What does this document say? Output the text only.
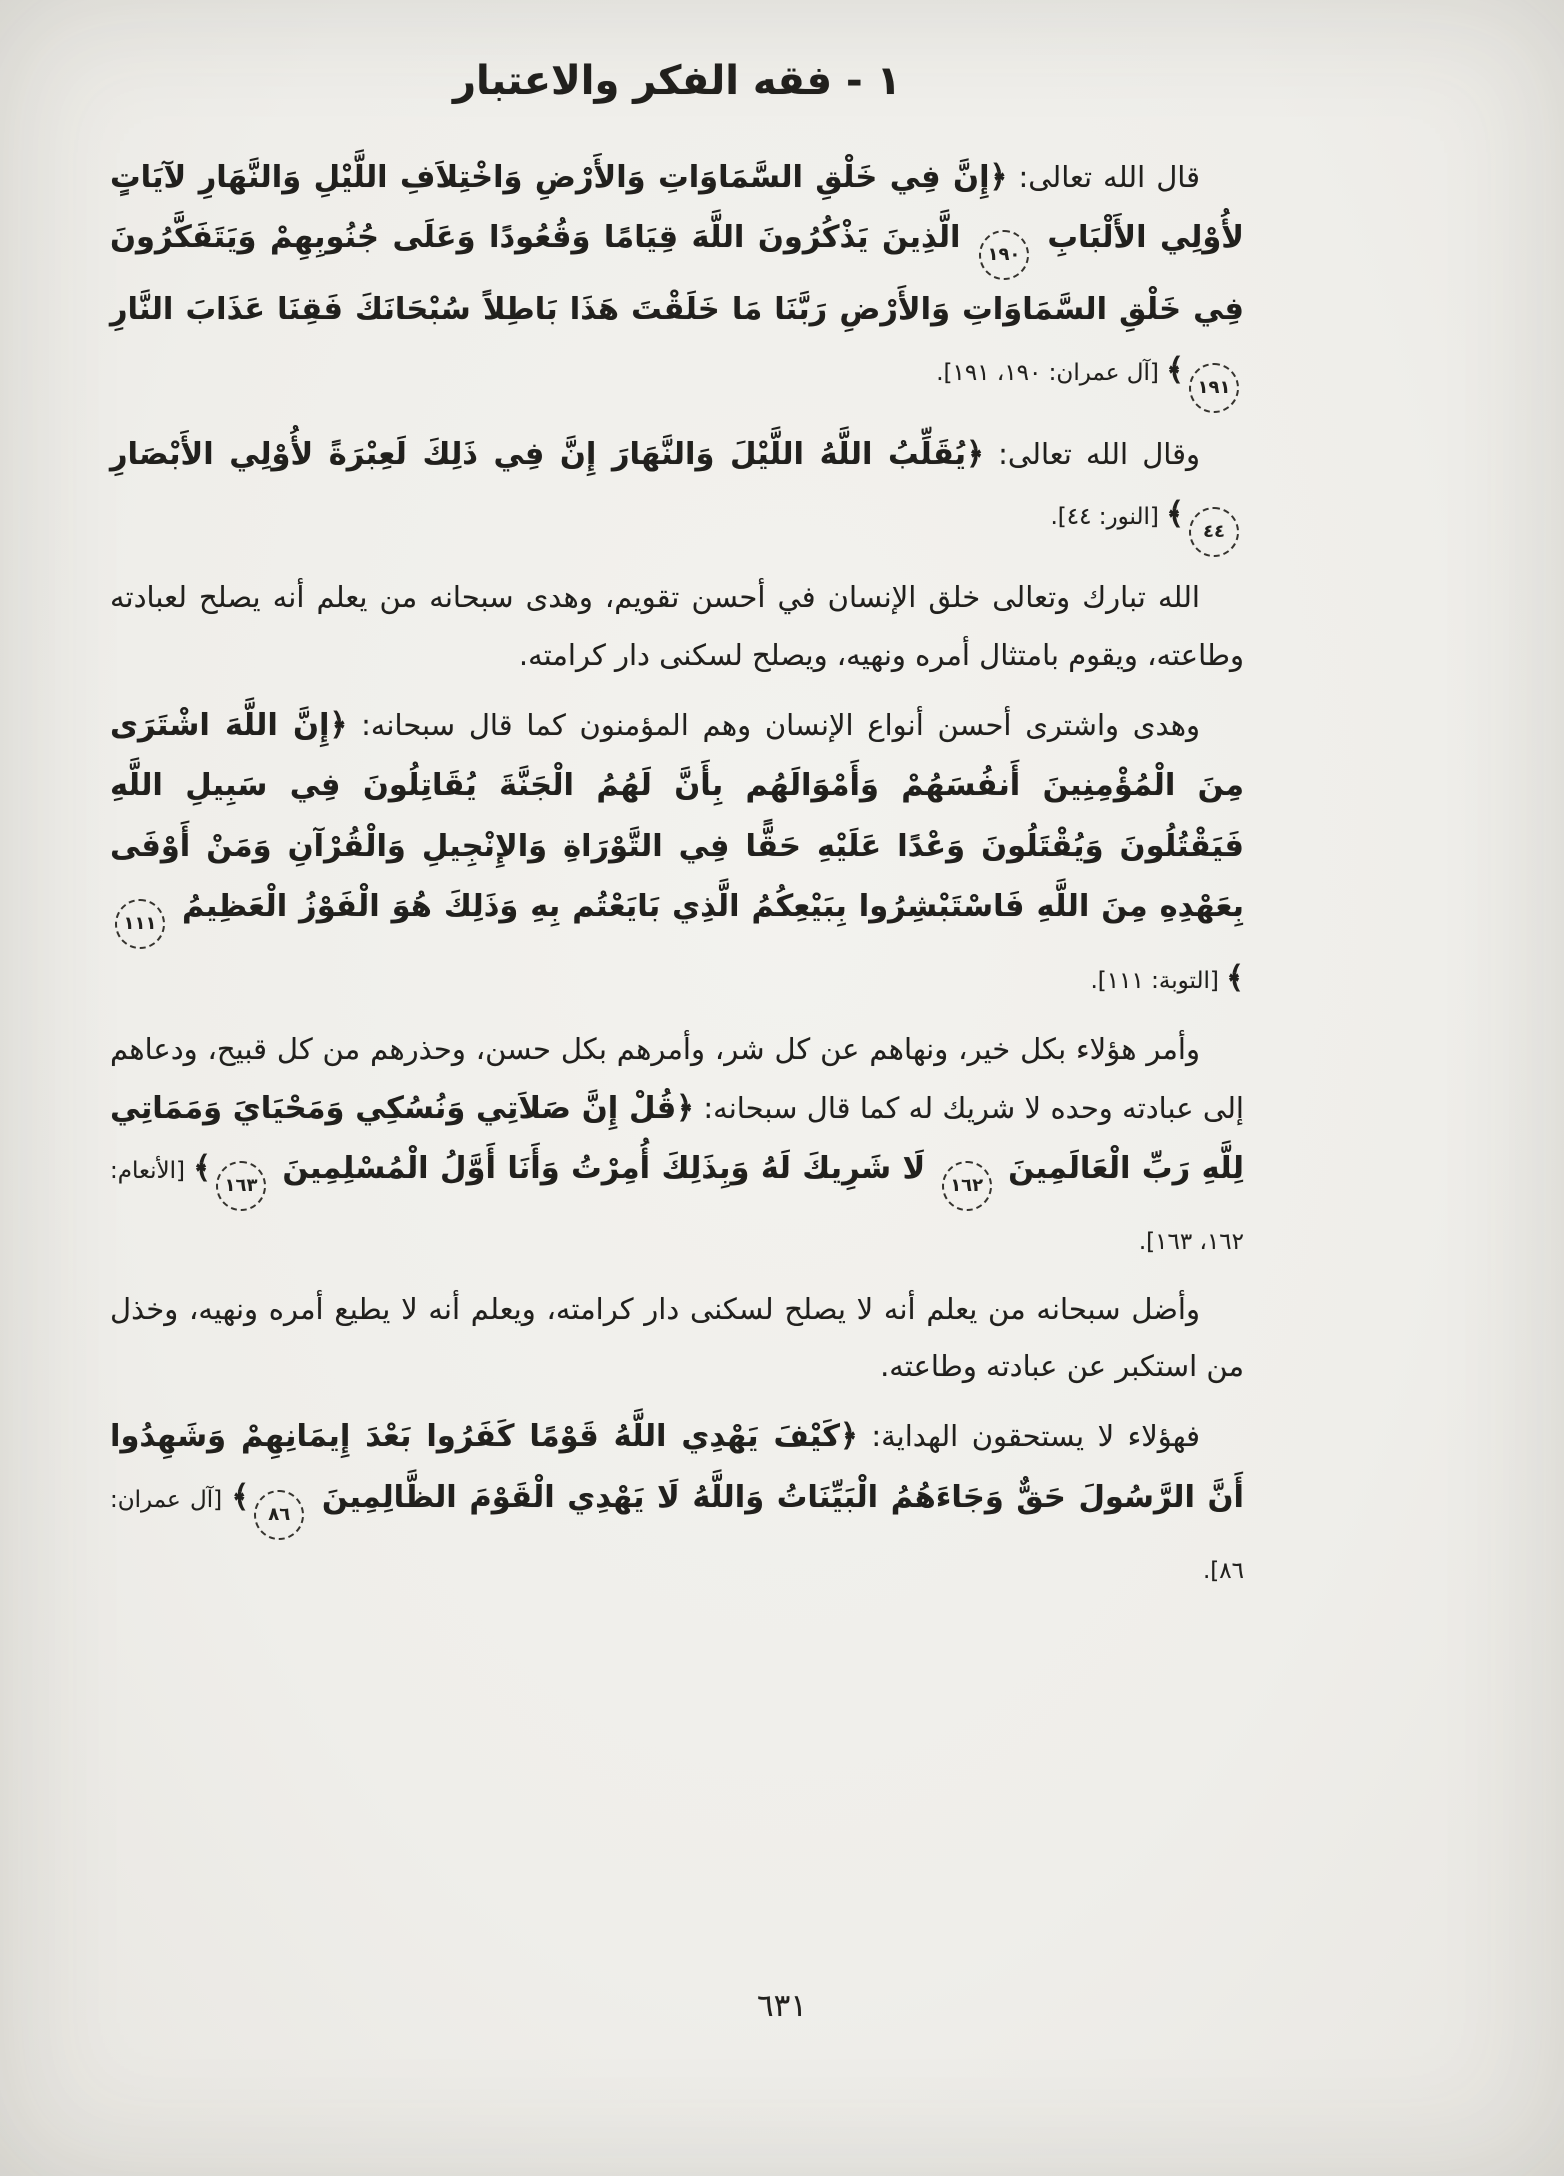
١ - فقه الفكر والاعتبار

قال الله تعالى: ﴿إِنَّ فِي خَلْقِ السَّمَاوَاتِ وَالأَرْضِ وَاخْتِلاَفِ اللَّيْلِ وَالنَّهَارِ لآيَاتٍ لأُوْلِي الأَلْبَابِ ١٩٠ الَّذِينَ يَذْكُرُونَ اللَّهَ قِيَامًا وَقُعُودًا وَعَلَى جُنُوبِهِمْ وَيَتَفَكَّرُونَ فِي خَلْقِ السَّمَاوَاتِ وَالأَرْضِ رَبَّنَا مَا خَلَقْتَ هَذَا بَاطِلاً سُبْحَانَكَ فَقِنَا عَذَابَ النَّارِ ١٩١﴾ [آل عمران: ١٩٠، ١٩١].

وقال الله تعالى: ﴿يُقَلِّبُ اللَّهُ اللَّيْلَ وَالنَّهَارَ إِنَّ فِي ذَلِكَ لَعِبْرَةً لأُوْلِي الأَبْصَارِ ٤٤﴾ [النور: ٤٤].

الله تبارك وتعالى خلق الإنسان في أحسن تقويم، وهدى سبحانه من يعلم أنه يصلح لعبادته وطاعته، ويقوم بامتثال أمره ونهيه، ويصلح لسكنى دار كرامته.

وهدى واشترى أحسن أنواع الإنسان وهم المؤمنون كما قال سبحانه: ﴿إِنَّ اللَّهَ اشْتَرَى مِنَ الْمُؤْمِنِينَ أَنفُسَهُمْ وَأَمْوَالَهُم بِأَنَّ لَهُمُ الْجَنَّةَ يُقَاتِلُونَ فِي سَبِيلِ اللَّهِ فَيَقْتُلُونَ وَيُقْتَلُونَ وَعْدًا عَلَيْهِ حَقًّا فِي التَّوْرَاةِ وَالإِنْجِيلِ وَالْقُرْآنِ وَمَنْ أَوْفَى بِعَهْدِهِ مِنَ اللَّهِ فَاسْتَبْشِرُوا بِبَيْعِكُمُ الَّذِي بَايَعْتُم بِهِ وَذَلِكَ هُوَ الْفَوْزُ الْعَظِيمُ ١١١﴾ [التوبة: ١١١].

وأمر هؤلاء بكل خير، ونهاهم عن كل شر، وأمرهم بكل حسن، وحذرهم من كل قبيح، ودعاهم إلى عبادته وحده لا شريك له كما قال سبحانه: ﴿قُلْ إِنَّ صَلاَتِي وَنُسُكِي وَمَحْيَايَ وَمَمَاتِي لِلَّهِ رَبِّ الْعَالَمِينَ ١٦٢ لَا شَرِيكَ لَهُ وَبِذَلِكَ أُمِرْتُ وَأَنَا أَوَّلُ الْمُسْلِمِينَ ١٦٣﴾ [الأنعام: ١٦٢، ١٦٣].

وأضل سبحانه من يعلم أنه لا يصلح لسكنى دار كرامته، ويعلم أنه لا يطيع أمره ونهيه، وخذل من استكبر عن عبادته وطاعته.

فهؤلاء لا يستحقون الهداية: ﴿كَيْفَ يَهْدِي اللَّهُ قَوْمًا كَفَرُوا بَعْدَ إِيمَانِهِمْ وَشَهِدُوا أَنَّ الرَّسُولَ حَقٌّ وَجَاءَهُمُ الْبَيِّنَاتُ وَاللَّهُ لَا يَهْدِي الْقَوْمَ الظَّالِمِينَ ٨٦﴾ [آل عمران: ٨٦].

٦٣١
